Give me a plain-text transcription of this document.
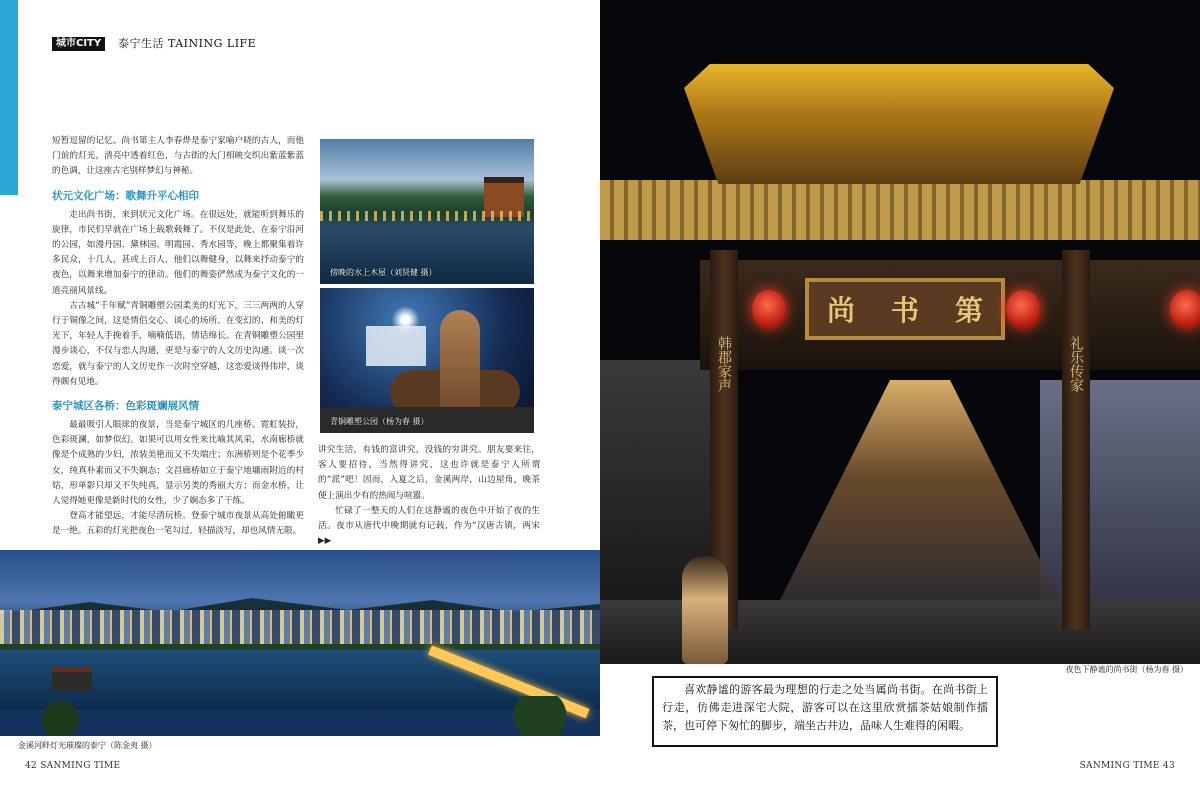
城市CITY	泰宁生活 TAINING LIFE

短暂逗留的记忆。尚书第主人李春烨是泰宁家喻户晓的古人，而他门前的灯光，清亮中透着红色，与古街的大门相映交织出紫蓝紫蓝的色调，让这座古宅别样梦幻与神秘。

状元文化广场：歌舞升平心相印

走出尚书街，来到状元文化广场。在很远处，就能听到舞乐的旋律，市民们早就在广场上载歌载舞了。不仅是此处，在泰宁沿河的公园，如漫丹园、黛林园、明霞园、秀水园等，晚上都聚集着许多民众，十几人，甚或上百人，他们以舞健身，以舞来抒动泰宁的夜色，以舞来增加泰宁的律动。他们的舞姿俨然成为泰宁文化的一道亮丽风景线。

古古城“千年赋”青铜雕塑公园柔美的灯光下，三三两两的人穿行于铜像之间，这是情侣交心、谈心的场所。在变幻的、和美的灯光下，年轻人手挽着手，喃喃低语，情话绵长。在青铜雕塑公园里漫步谈心，不仅与恋人沟通，更是与泰宁的人文历史沟通。谈一次恋爱，就与泰宁的人文历史作一次时空穿越，这恋爱谈得伟岸，谈得颇有见地。

泰宁城区各桥：色彩斑斓展风情

最最吸引人眼球的夜景，当是泰宁城区的几座桥。霓虹装扮，色彩斑澜，如梦似幻。如果可以用女性来比喻其风采，水南廊桥就像是个成熟的少妇，浓装美艳而又不失端庄；东洲桥则是个花季少女，纯真朴素而又不失娴态；文昌廊桥如立于泰宁地墉雨附近的村姑，形单影只却又不失纯真，显示另类的秀丽大方；而金水桥，让人觉得她更像是新时代的女性，少了娴态多了干练。

登高才能望远，才能尽清玩桥。登泰宁城市夜景从高处俯瞰更是一绝。五彩的灯光把夜色一笔勾过，轻描淡写，却也风情无限。

傍晚的水上木屋（刘贤健 摄）
青铜雕塑公园（杨为春 摄）

讲究生活，有钱的富讲究，没钱的穷讲究。朋友要来往，客人要招待，当然得讲究，这也许就是泰宁人所谓的“派”吧！因而，入夏之后，金溪两岸，山边屋角，晚茶便上演出少有的热闹与喧嚣。

忙碌了一整天的人们在这静谧的夜色中开始了夜的生活。夜市从唐代中晚期就有记载，作为“汉唐古镇，两宋▶▶

金溪河畔灯光璀璨的泰宁（陈金夷 摄）
42 SANMING TIME
尚 书 第
韩郡家声	礼乐传家
夜色下静谧的尚书街（杨为春 摄）
SANMING TIME 43
喜欢静谧的游客最为理想的行走之处当属尚书街。在尚书街上行走，仿佛走进深宅大院，游客可以在这里欣赏擂茶姑娘制作擂茶，也可停下匆忙的脚步，端坐古井边，品味人生难得的闲暇。
